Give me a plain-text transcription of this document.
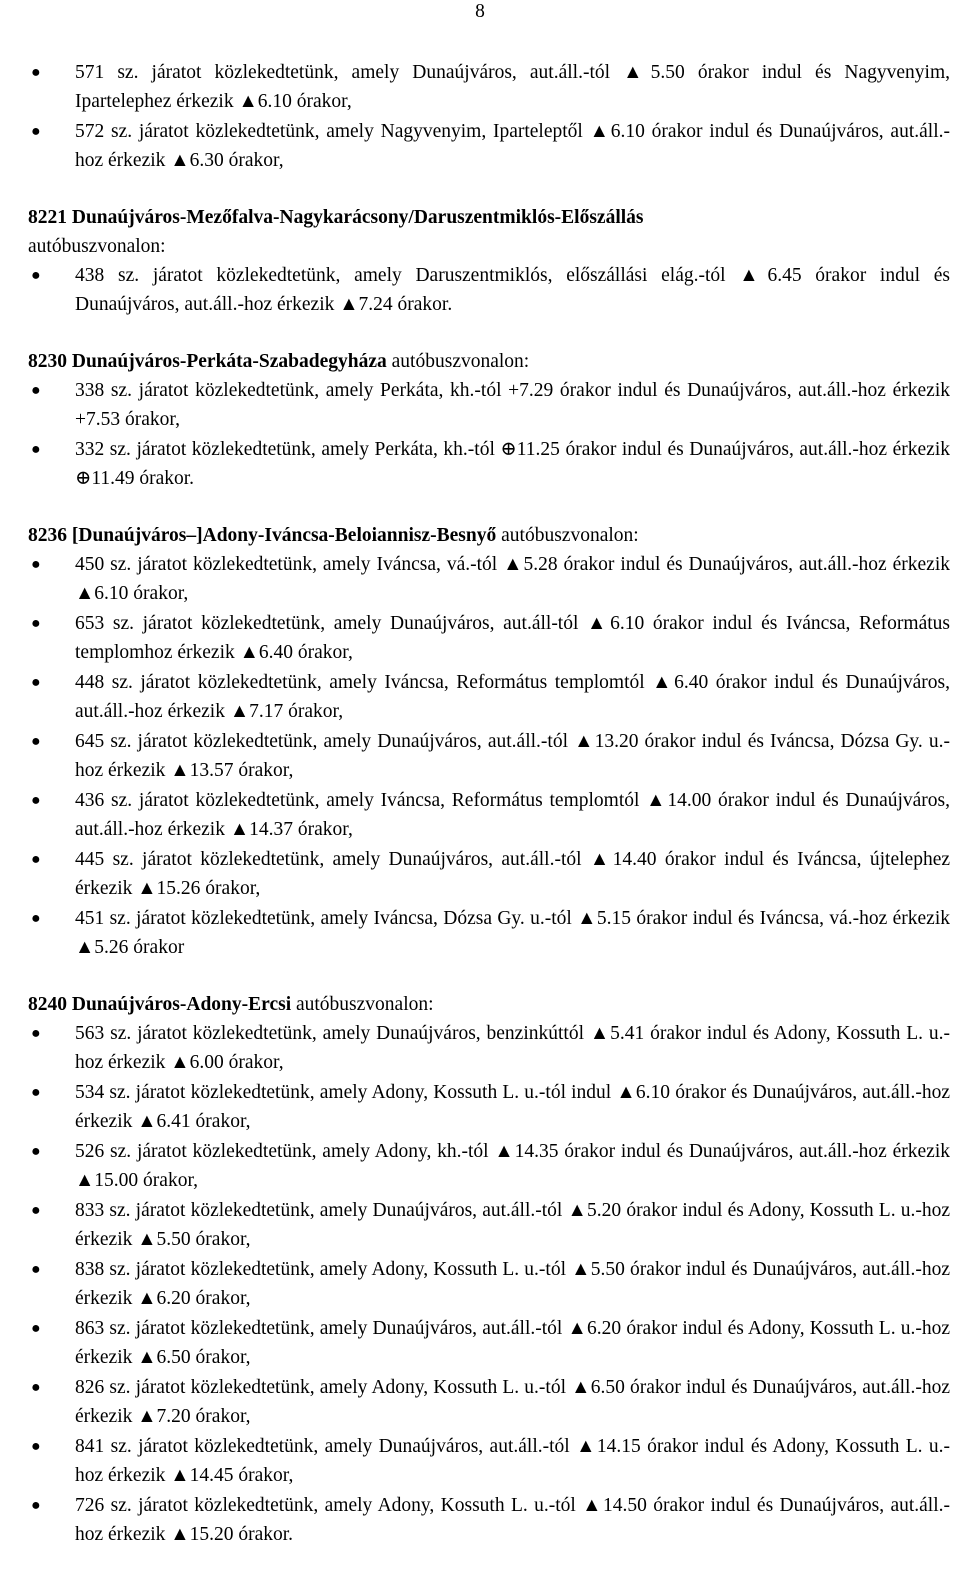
8
● 571 sz. járatot közlekedtetünk, amely Dunaújváros, aut.áll.-tól ▲5.50 órakor indul és Nagyvenyim, Ipartelephez érkezik ▲6.10 órakor,
● 572 sz. járatot közlekedtetünk, amely Nagyvenyim, Iparteleptől ▲6.10 órakor indul és Dunaújváros, aut.áll.-hoz érkezik ▲6.30 órakor,

8221 Dunaújváros-Mezőfalva-Nagykarácsony/Daruszentmiklós-Előszállás
autóbuszvonalon:

● 438 sz. járatot közlekedtetünk, amely Daruszentmiklós, előszállási elág.-tól ▲6.45 órakor indul és Dunaújváros, aut.áll.-hoz érkezik ▲7.24 órakor.

8230 Dunaújváros-Perkáta-Szabadegyháza autóbuszvonalon:

● 338 sz. járatot közlekedtetünk, amely Perkáta, kh.-tól +7.29 órakor indul és Dunaújváros, aut.áll.-hoz érkezik +7.53 órakor,
● 332 sz. járatot közlekedtetünk, amely Perkáta, kh.-tól ⊕11.25 órakor indul és Dunaújváros, aut.áll.-hoz érkezik ⊕11.49 órakor.

8236 [Dunaújváros–]Adony-Iváncsa-Beloiannisz-Besnyő autóbuszvonalon:

● 450 sz. járatot közlekedtetünk, amely Iváncsa, vá.-tól ▲5.28 órakor indul és Dunaújváros, aut.áll.-hoz érkezik ▲6.10 órakor,
● 653 sz. járatot közlekedtetünk, amely Dunaújváros, aut.áll-tól ▲6.10 órakor indul és Iváncsa, Református templomhoz érkezik ▲6.40 órakor,
● 448 sz. járatot közlekedtetünk, amely Iváncsa, Református templomtól ▲6.40 órakor indul és Dunaújváros, aut.áll.-hoz érkezik ▲7.17 órakor,
● 645 sz. járatot közlekedtetünk, amely Dunaújváros, aut.áll.-tól ▲13.20 órakor indul és Iváncsa, Dózsa Gy. u.-hoz érkezik ▲13.57 órakor,
● 436 sz. járatot közlekedtetünk, amely Iváncsa, Református templomtól ▲14.00 órakor indul és Dunaújváros, aut.áll.-hoz érkezik ▲14.37 órakor,
● 445 sz. járatot közlekedtetünk, amely Dunaújváros, aut.áll.-tól ▲14.40 órakor indul és Iváncsa, újtelephez érkezik ▲15.26 órakor,
● 451 sz. járatot közlekedtetünk, amely Iváncsa, Dózsa Gy. u.-tól ▲5.15 órakor indul és Iváncsa, vá.-hoz érkezik ▲5.26 órakor

8240 Dunaújváros-Adony-Ercsi autóbuszvonalon:

● 563 sz. járatot közlekedtetünk, amely Dunaújváros, benzinkúttól ▲5.41 órakor indul és Adony, Kossuth L. u.-hoz érkezik ▲6.00 órakor,
● 534 sz. járatot közlekedtetünk, amely Adony, Kossuth L. u.-tól indul ▲6.10 órakor és Dunaújváros, aut.áll.-hoz érkezik ▲6.41 órakor,
● 526 sz. járatot közlekedtetünk, amely Adony, kh.-tól ▲14.35 órakor indul és Dunaújváros, aut.áll.-hoz érkezik ▲15.00 órakor,
● 833 sz. járatot közlekedtetünk, amely Dunaújváros, aut.áll.-tól ▲5.20 órakor indul és Adony, Kossuth L. u.-hoz érkezik ▲5.50 órakor,
● 838 sz. járatot közlekedtetünk, amely Adony, Kossuth L. u.-tól ▲5.50 órakor indul és Dunaújváros, aut.áll.-hoz érkezik ▲6.20 órakor,
● 863 sz. járatot közlekedtetünk, amely Dunaújváros, aut.áll.-tól ▲6.20 órakor indul és Adony, Kossuth L. u.-hoz érkezik ▲6.50 órakor,
● 826 sz. járatot közlekedtetünk, amely Adony, Kossuth L. u.-tól ▲6.50 órakor indul és Dunaújváros, aut.áll.-hoz érkezik ▲7.20 órakor,
● 841 sz. járatot közlekedtetünk, amely Dunaújváros, aut.áll.-tól ▲14.15 órakor indul és Adony, Kossuth L. u.-hoz érkezik ▲14.45 órakor,
● 726 sz. járatot közlekedtetünk, amely Adony, Kossuth L. u.-tól ▲14.50 órakor indul és Dunaújváros, aut.áll.-hoz érkezik ▲15.20 órakor.
